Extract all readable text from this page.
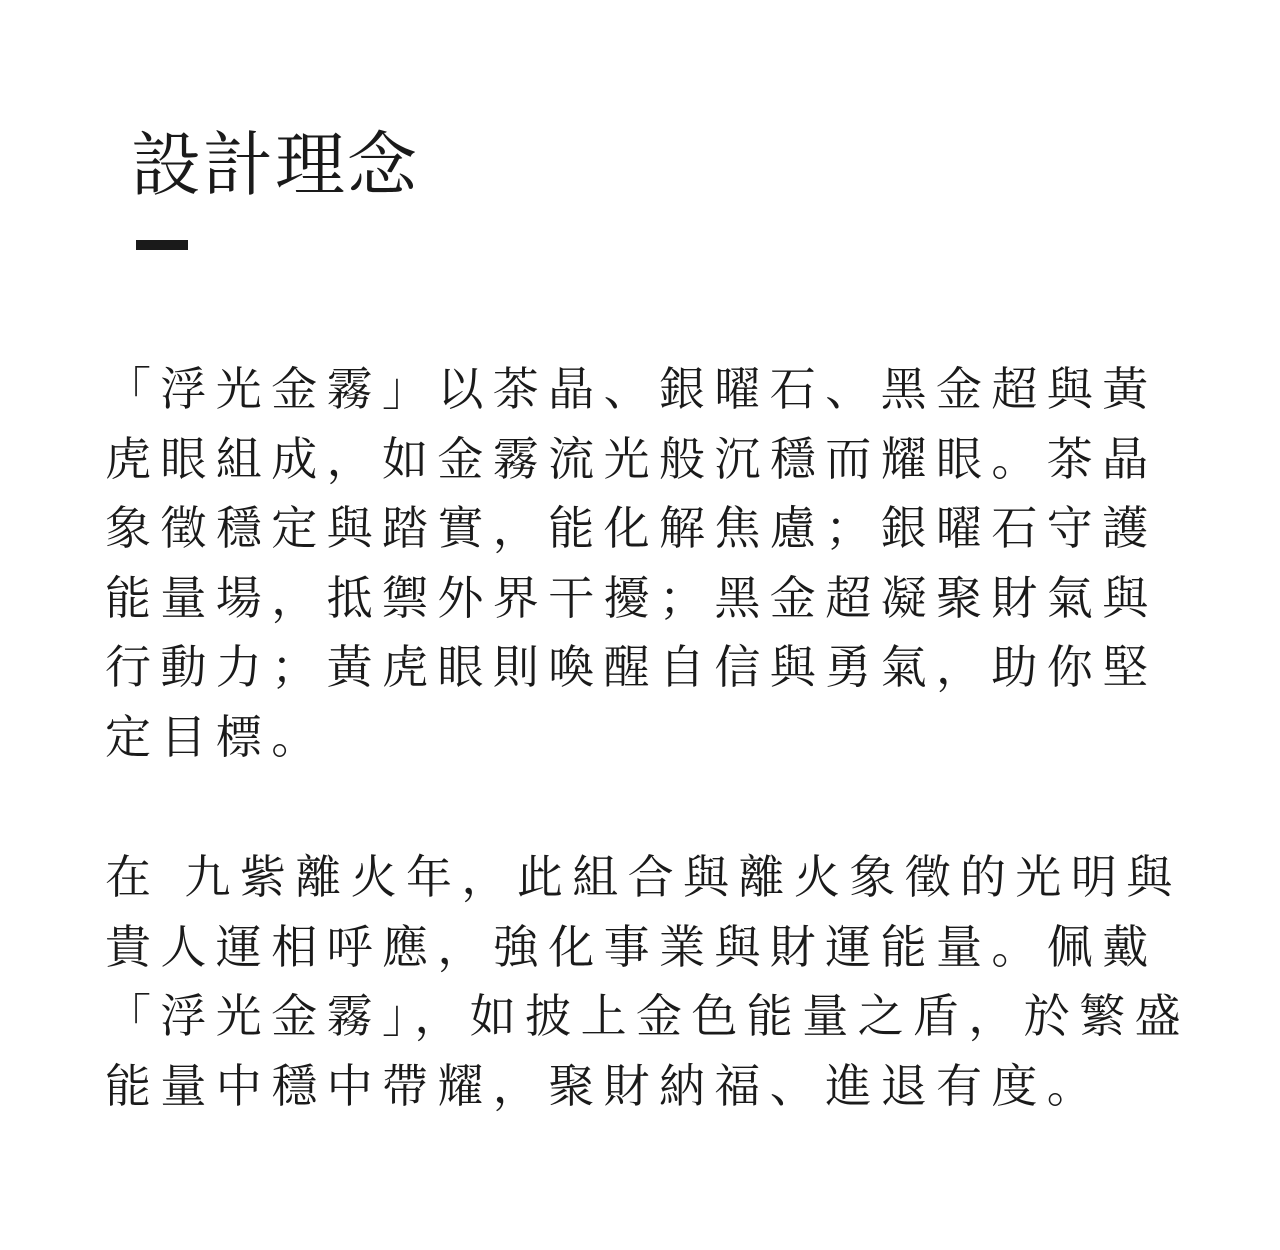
設計理念

「浮光金霧」以茶晶、銀曜石、黑金超與黃
虎眼組成，如金霧流光般沉穩而耀眼。茶晶
象徵穩定與踏實，能化解焦慮；銀曜石守護
能量場，抵禦外界干擾；黑金超凝聚財氣與
行動力；黃虎眼則喚醒自信與勇氣，助你堅
定目標。

在 九紫離火年，此組合與離火象徵的光明與
貴人運相呼應，強化事業與財運能量。佩戴
「浮光金霧」，如披上金色能量之盾，於繁盛
能量中穩中帶耀，聚財納福、進退有度。
